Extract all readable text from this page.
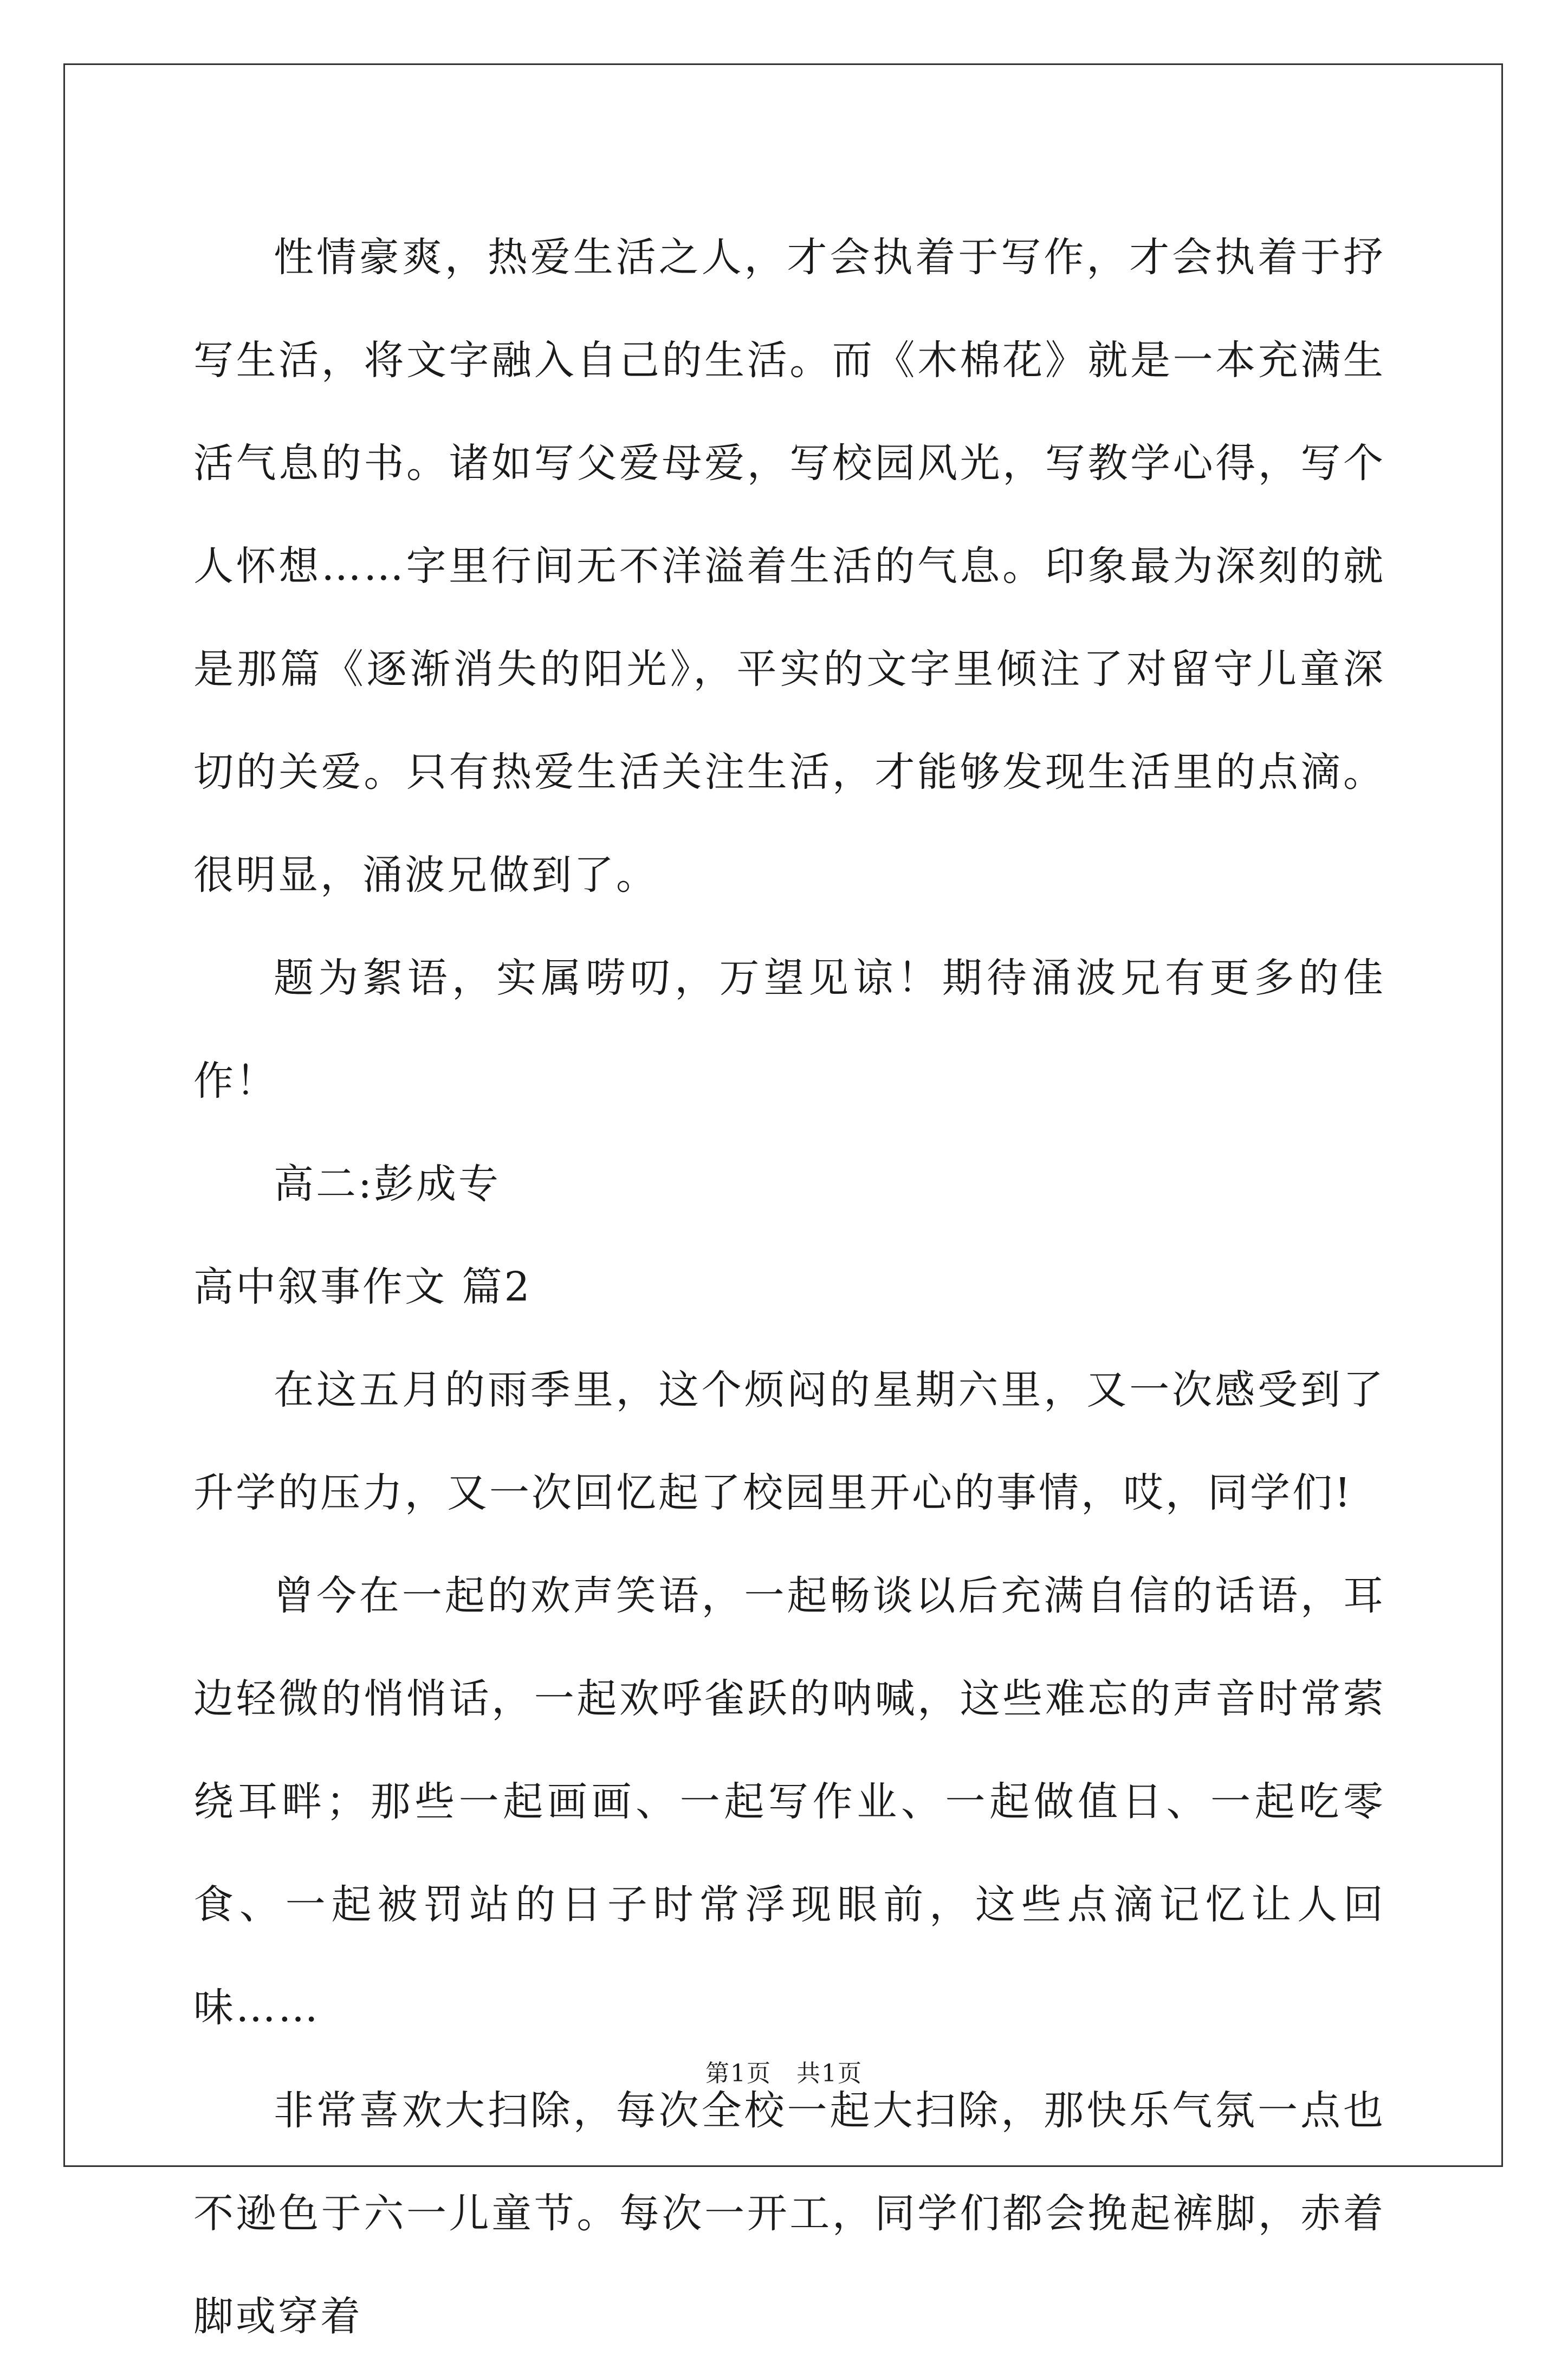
性情豪爽，热爱生活之人，才会执着于写作，才会执着于抒写生活，将文字融入自己的生活。而《木棉花》就是一本充满生活气息的书。诸如写父爱母爱，写校园风光，写教学心得，写个人怀想……字里行间无不洋溢着生活的气息。印象最为深刻的就是那篇《逐渐消失的阳光》，平实的文字里倾注了对留守儿童深切的关爱。只有热爱生活关注生活，才能够发现生活里的点滴。很明显，涌波兄做到了。

题为絮语，实属唠叨，万望见谅！期待涌波兄有更多的佳作！

高二:彭成专

高中叙事作文 篇2

在这五月的雨季里，这个烦闷的星期六里，又一次感受到了升学的压力，又一次回忆起了校园里开心的事情，哎，同学们!

曾今在一起的欢声笑语，一起畅谈以后充满自信的话语，耳边轻微的悄悄话，一起欢呼雀跃的呐喊，这些难忘的声音时常萦绕耳畔；那些一起画画、一起写作业、一起做值日、一起吃零食、一起被罚站的日子时常浮现眼前，这些点滴记忆让人回味……

非常喜欢大扫除，每次全校一起大扫除，那快乐气氛一点也不逊色于六一儿童节。每次一开工，同学们都会挽起裤脚，赤着脚或穿着

第1页　共1页
